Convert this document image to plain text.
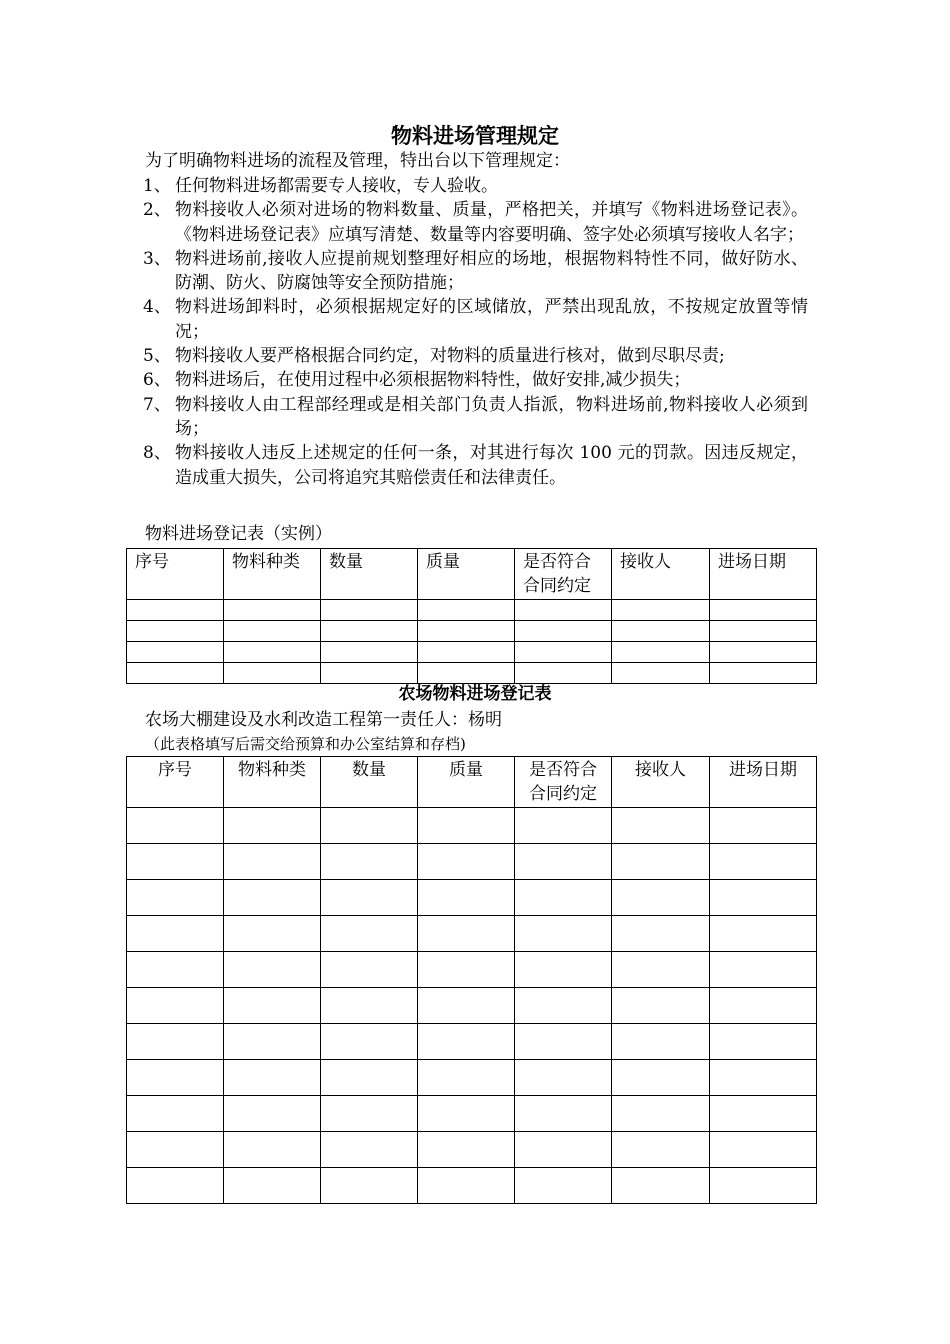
物料进场管理规定

为了明确物料进场的流程及管理，特出台以下管理规定：

1、 任何物料进场都需要专人接收，专人验收。
2、 物料接收人必须对进场的物料数量、质量，严格把关，并填写《物料进场登记表》。《物料进场登记表》应填写清楚、数量等内容要明确、签字处必须填写接收人名字；
3、 物料进场前,接收人应提前规划整理好相应的场地，根据物料特性不同，做好防水、防潮、防火、防腐蚀等安全预防措施；
4、 物料进场卸料时，必须根据规定好的区域储放，严禁出现乱放，不按规定放置等情况；
5、 物料接收人要严格根据合同约定，对物料的质量进行核对，做到尽职尽责;
6、 物料进场后，在使用过程中必须根据物料特性，做好安排,减少损失；
7、 物料接收人由工程部经理或是相关部门负责人指派，物料进场前,物料接收人必须到场；
8、 物料接收人违反上述规定的任何一条，对其进行每次 100 元的罚款。因违反规定，造成重大损失，公司将追究其赔偿责任和法律责任。

物料进场登记表（实例）

序号	物料种类	数量	质量	是否符合合同约定	接收人	进场日期

农场物料进场登记表

农场大棚建设及水利改造工程第一责任人：杨明

（此表格填写后需交给预算和办公室结算和存档)

序号	物料种类	数量	质量	是否符合合同约定	接收人	进场日期
